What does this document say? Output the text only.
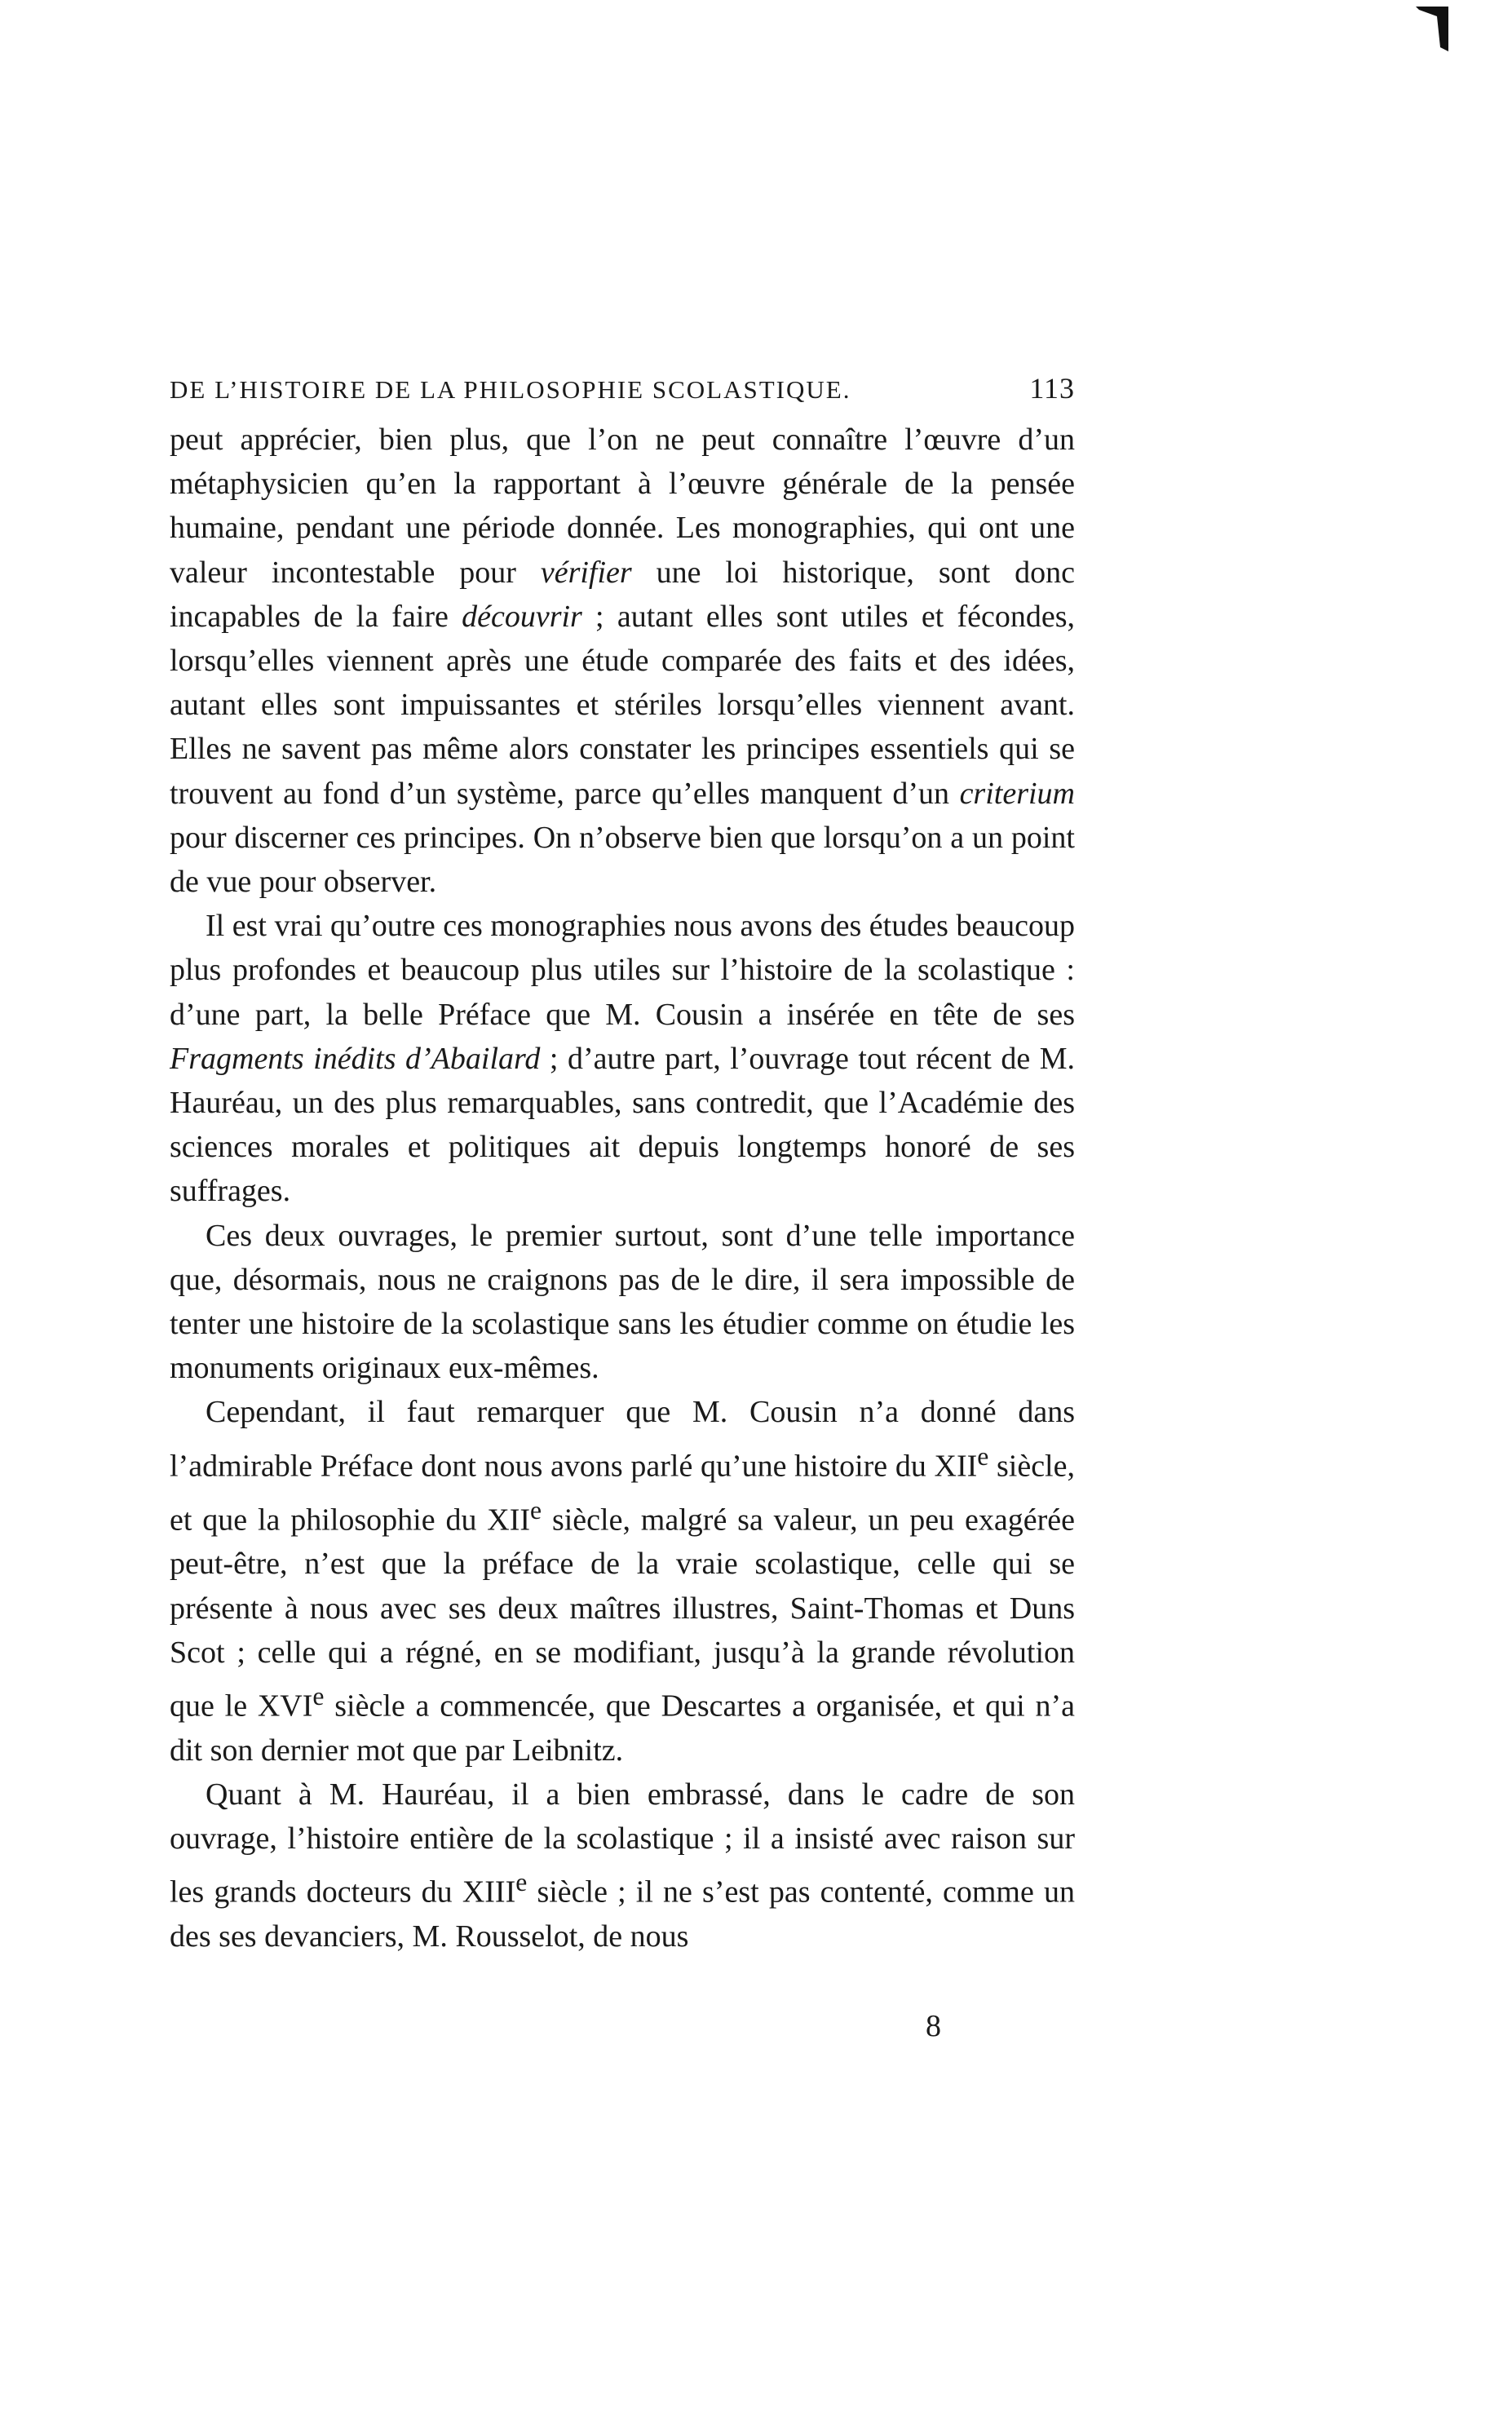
DE L’HISTOIRE DE LA PHILOSOPHIE SCOLASTIQUE.	113

peut apprécier, bien plus, que l’on ne peut connaître l’œuvre d’un métaphysicien qu’en la rapportant à l’œuvre générale de la pensée humaine, pendant une période donnée. Les monographies, qui ont une valeur incontestable pour vérifier une loi historique, sont donc incapables de la faire découvrir ; autant elles sont utiles et fécondes, lorsqu’elles viennent après une étude comparée des faits et des idées, autant elles sont impuissantes et stériles lorsqu’elles viennent avant. Elles ne savent pas même alors constater les principes essentiels qui se trouvent au fond d’un système, parce qu’elles manquent d’un criterium pour discerner ces principes. On n’observe bien que lorsqu’on a un point de vue pour observer.

Il est vrai qu’outre ces monographies nous avons des études beaucoup plus profondes et beaucoup plus utiles sur l’histoire de la scolastique : d’une part, la belle Préface que M. Cousin a insérée en tête de ses Fragments inédits d’Abailard ; d’autre part, l’ouvrage tout récent de M. Hauréau, un des plus remarquables, sans contredit, que l’Académie des sciences morales et politiques ait depuis longtemps honoré de ses suffrages.

Ces deux ouvrages, le premier surtout, sont d’une telle importance que, désormais, nous ne craignons pas de le dire, il sera impossible de tenter une histoire de la scolastique sans les étudier comme on étudie les monuments originaux eux-mêmes.

Cependant, il faut remarquer que M. Cousin n’a donné dans l’admirable Préface dont nous avons parlé qu’une histoire du XIIe siècle, et que la philosophie du XIIe siècle, malgré sa valeur, un peu exagérée peut-être, n’est que la préface de la vraie scolastique, celle qui se présente à nous avec ses deux maîtres illustres, Saint-Thomas et Duns Scot ; celle qui a régné, en se modifiant, jusqu’à la grande révolution que le XVIe siècle a commencée, que Descartes a organisée, et qui n’a dit son dernier mot que par Leibnitz.

Quant à M. Hauréau, il a bien embrassé, dans le cadre de son ouvrage, l’histoire entière de la scolastique ; il a insisté avec raison sur les grands docteurs du XIIIe siècle ; il ne s’est pas contenté, comme un des ses devanciers, M. Rousselot, de nous

8
